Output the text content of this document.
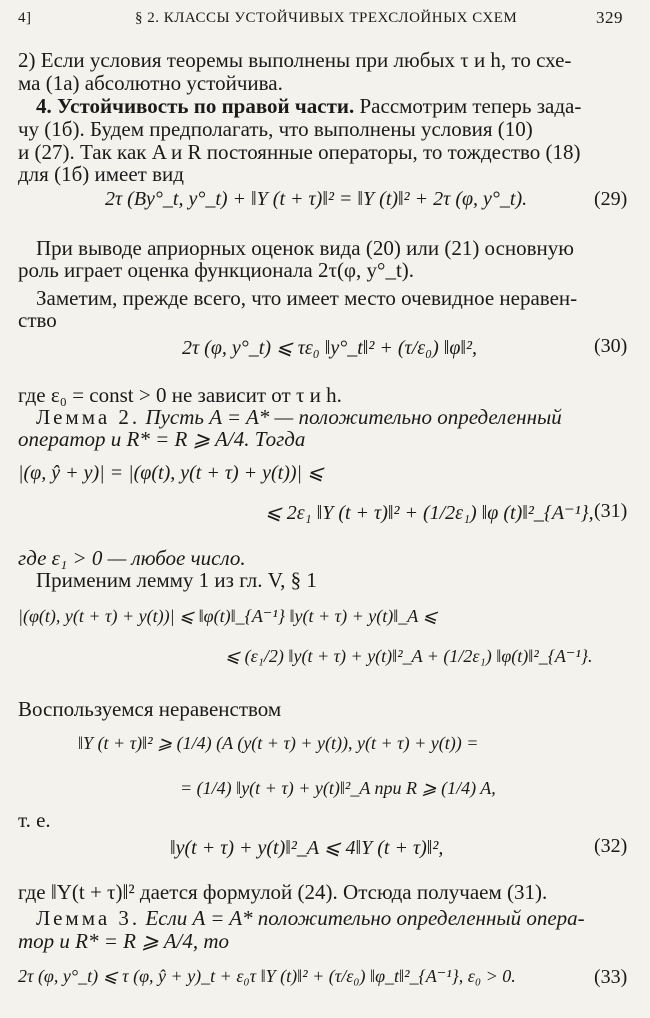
4]	§ 2. КЛАССЫ УСТОЙЧИВЫХ ТРЕХСЛОЙНЫХ СХЕМ	329
2) Если условия теоремы выполнены при любых τ и h, то схе-
ма (1а) абсолютно устойчива.
4. Устойчивость по правой части. Рассмотрим теперь зада-
чу (1б). Будем предполагать, что выполнены условия (10)
и (27). Так как A и R постоянные операторы, то тождество (18)
для (1б) имеет вид
2τ (By°_t, y°_t) + ‖Y (t + τ)‖² = ‖Y (t)‖² + 2τ (φ, y°_t).	(29)
При выводе априорных оценок вида (20) или (21) основную
роль играет оценка функционала 2τ(φ, y°_t).
Заметим, прежде всего, что имеет место очевидное неравен-
ство
2τ (φ, y°_t) ⩽ τε₀ ‖y°_t‖² + (τ/ε₀) ‖φ‖²,	(30)
где ε₀ = const > 0 не зависит от τ и h.
Лемма 2. Пусть A = A* — положительно определенный
оператор и R* = R ⩾ A/4. Тогда
|(φ, ŷ + y)| = |(φ(t), y(t + τ) + y(t))| ⩽
⩽ 2ε₁ ‖Y (t + τ)‖² + (1/2ε₁) ‖φ (t)‖²_{A⁻¹}, (31)
где ε₁ > 0 — любое число.
Применим лемму 1 из гл. V, § 1
|(φ(t), y(t + τ) + y(t))| ⩽ ‖φ(t)‖_{A⁻¹} ‖y(t + τ) + y(t)‖_A ⩽
⩽ (ε₁/2) ‖y(t + τ) + y(t)‖²_A + (1/2ε₁) ‖φ(t)‖²_{A⁻¹}.
Воспользуемся неравенством
‖Y (t + τ)‖² ⩾ (1/4) (A (y(t + τ) + y(t)), y(t + τ) + y(t)) =
= (1/4) ‖y(t + τ) + y(t)‖²_A при R ⩾ (1/4) A,
т. е.
‖y(t + τ) + y(t)‖²_A ⩽ 4‖Y (t + τ)‖²,	(32)
где ‖Y(t + τ)‖² дается формулой (24). Отсюда получаем (31).
Лемма 3. Если A = A* положительно определенный опера-
тор и R* = R ⩾ A/4, то
2τ (φ, y°_t) ⩽ τ (φ, ŷ + y)_t + ε₀τ ‖Y (t)‖² + (τ/ε₀) ‖φ_t‖²_{A⁻¹}, ε₀ > 0.	(33)
